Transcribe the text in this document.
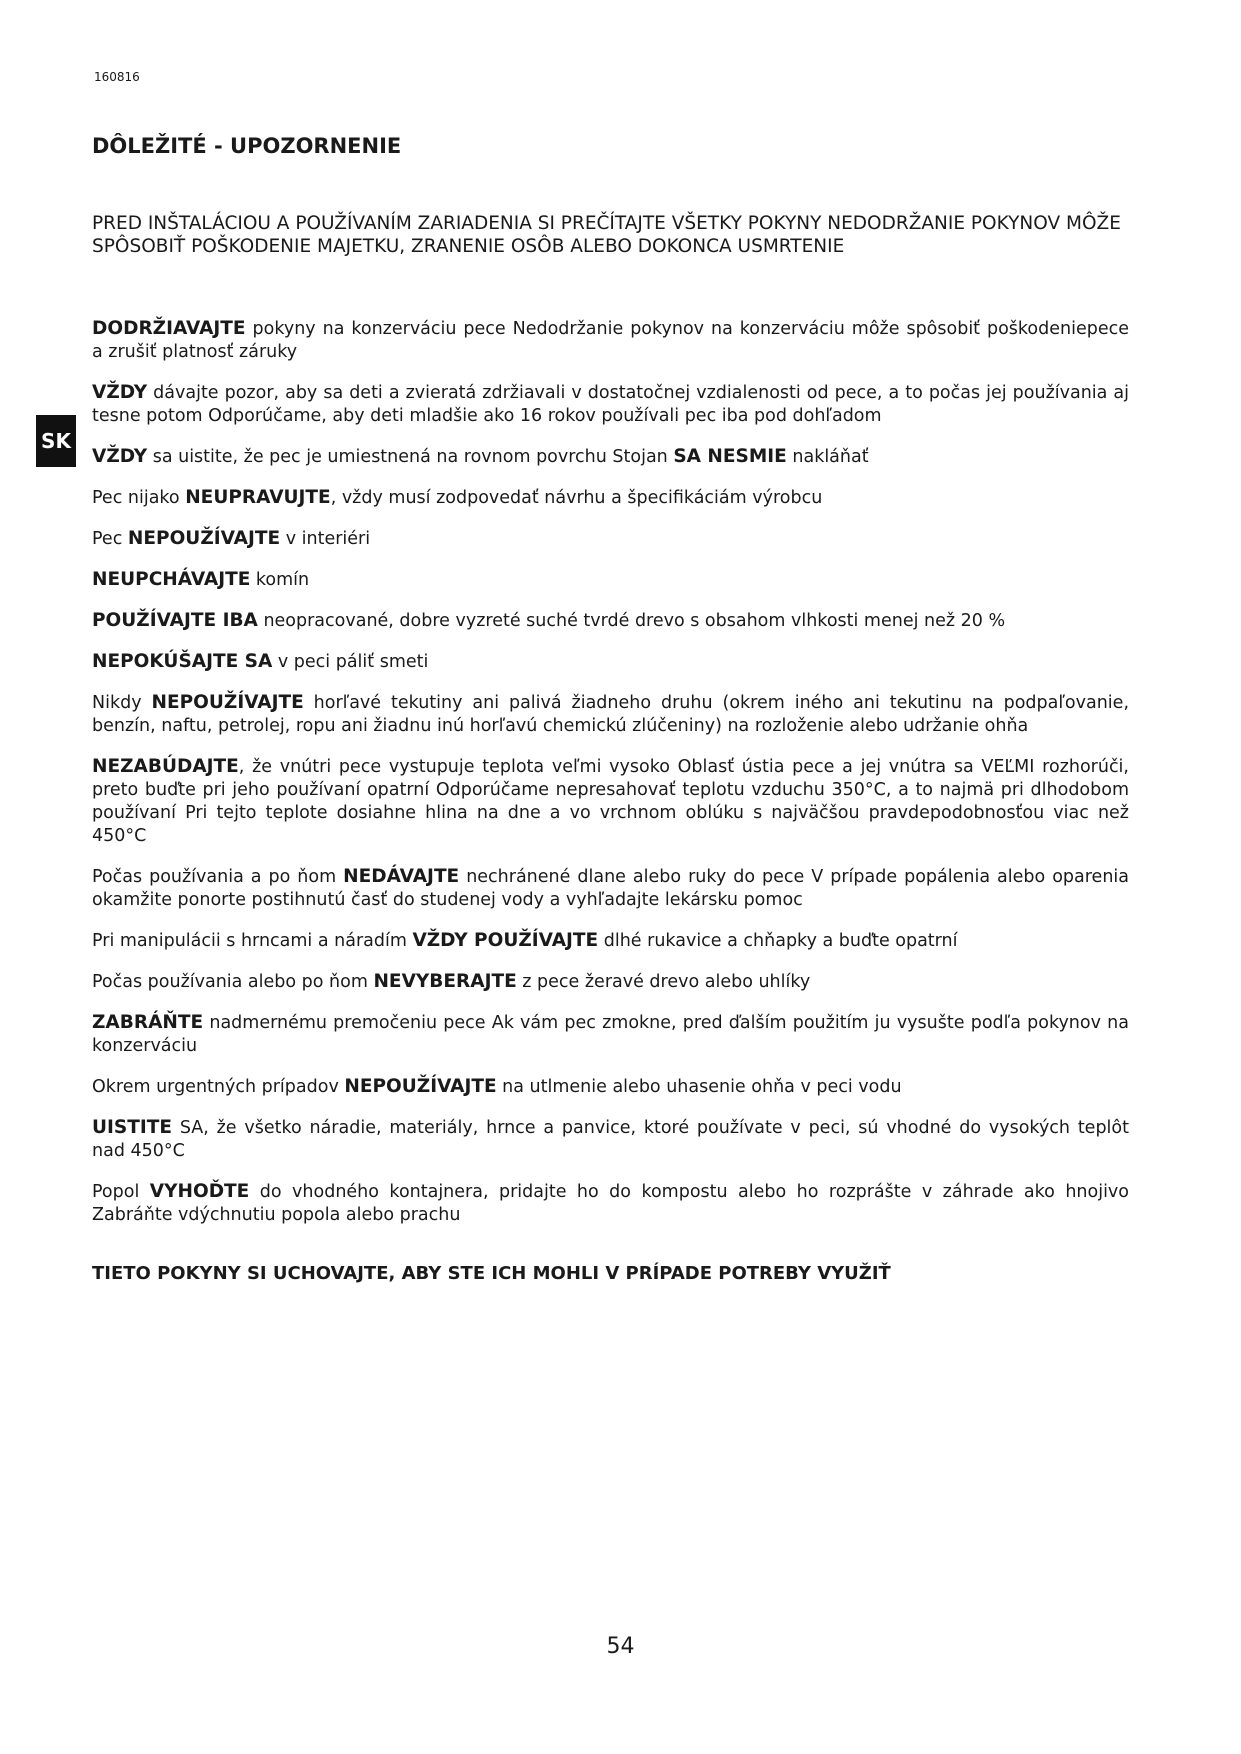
160816
DÔLEŽITÉ - UPOZORNENIE

PRED INŠTALÁCIOU A POUŽÍVANÍM ZARIADENIA SI PREČÍTAJTE VŠETKY POKYNY NEDODRŽANIE POKYNOV MÔŽE SPÔSOBIŤ POŠKODENIE MAJETKU, ZRANENIE OSÔB ALEBO DOKONCA USMRTENIE

SK

DODRŽIAVAJTE pokyny na konzerváciu pece Nedodržanie pokynov na konzerváciu môže spôsobiť poškodeniepece a zrušiť platnosť záruky

VŽDY dávajte pozor, aby sa deti a zvieratá zdržiavali v dostatočnej vzdialenosti od pece, a to počas jej používania aj tesne potom Odporúčame, aby deti mladšie ako 16 rokov používali pec iba pod dohľadom

VŽDY sa uistite, že pec je umiestnená na rovnom povrchu Stojan SA NESMIE nakláňať

Pec nijako NEUPRAVUJTE, vždy musí zodpovedať návrhu a špecifikáciám výrobcu

Pec NEPOUŽÍVAJTE v interiéri

NEUPCHÁVAJTE komín

POUŽÍVAJTE IBA neopracované, dobre vyzreté suché tvrdé drevo s obsahom vlhkosti menej než 20 %

NEPOKÚŠAJTE SA v peci páliť smeti

Nikdy NEPOUŽÍVAJTE horľavé tekutiny ani palivá žiadneho druhu (okrem iného ani tekutinu na podpaľovanie, benzín, naftu, petrolej, ropu ani žiadnu inú horľavú chemickú zlúčeniny) na rozloženie alebo udržanie ohňa

NEZABÚDAJTE, že vnútri pece vystupuje teplota veľmi vysoko Oblasť ústia pece a jej vnútra sa VEĽMI rozhorúči, preto buďte pri jeho používaní opatrní Odporúčame nepresahovať teplotu vzduchu 350°C, a to najmä pri dlhodobom používaní Pri tejto teplote dosiahne hlina na dne a vo vrchnom oblúku s najväčšou pravdepodobnosťou viac než 450°C

Počas používania a po ňom NEDÁVAJTE nechránené dlane alebo ruky do pece V prípade popálenia alebo oparenia okamžite ponorte postihnutú časť do studenej vody a vyhľadajte lekársku pomoc

Pri manipulácii s hrncami a náradím VŽDY POUŽÍVAJTE dlhé rukavice a chňapky a buďte opatrní

Počas používania alebo po ňom NEVYBERAJTE z pece žeravé drevo alebo uhlíky

ZABRÁŇTE nadmernému premočeniu pece Ak vám pec zmokne, pred ďalším použitím ju vysušte podľa pokynov na konzerváciu

Okrem urgentných prípadov NEPOUŽÍVAJTE na utlmenie alebo uhasenie ohňa v peci vodu

UISTITE SA, že všetko náradie, materiály, hrnce a panvice, ktoré používate v peci, sú vhodné do vysokých teplôt nad 450°C

Popol VYHOĎTE do vhodného kontajnera, pridajte ho do kompostu alebo ho rozprášte v záhrade ako hnojivo Zabráňte vdýchnutiu popola alebo prachu

TIETO POKYNY SI UCHOVAJTE, ABY STE ICH MOHLI V PRÍPADE POTREBY VYUŽIŤ

54
